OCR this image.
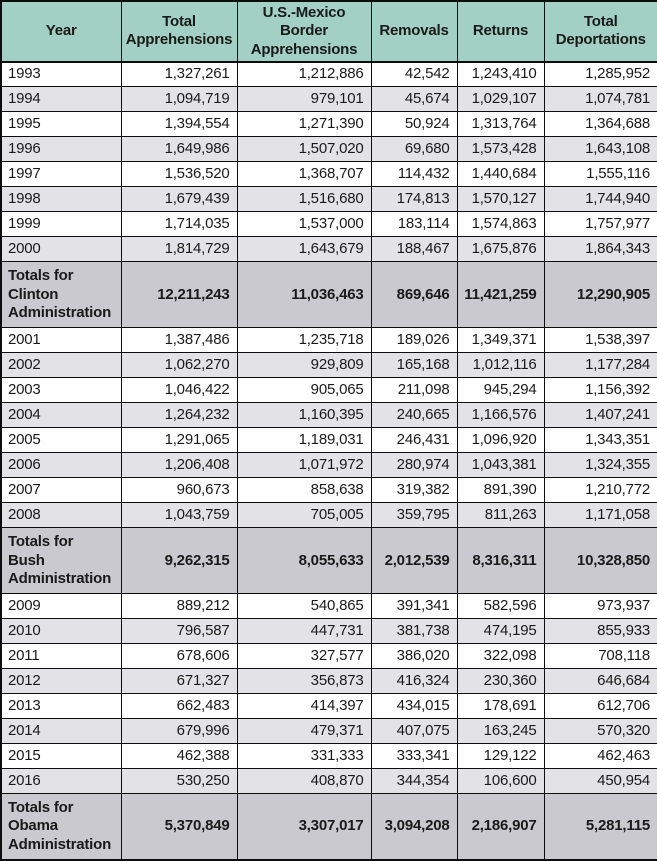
Year	Total Apprehensions	U.S.-Mexico Border Apprehensions	Removals	Returns	Total Deportations
1993	1,327,261	1,212,886	42,542	1,243,410	1,285,952
1994	1,094,719	979,101	45,674	1,029,107	1,074,781
1995	1,394,554	1,271,390	50,924	1,313,764	1,364,688
1996	1,649,986	1,507,020	69,680	1,573,428	1,643,108
1997	1,536,520	1,368,707	114,432	1,440,684	1,555,116
1998	1,679,439	1,516,680	174,813	1,570,127	1,744,940
1999	1,714,035	1,537,000	183,114	1,574,863	1,757,977
2000	1,814,729	1,643,679	188,467	1,675,876	1,864,343
Totals for Clinton Administration	12,211,243	11,036,463	869,646	11,421,259	12,290,905
2001	1,387,486	1,235,718	189,026	1,349,371	1,538,397
2002	1,062,270	929,809	165,168	1,012,116	1,177,284
2003	1,046,422	905,065	211,098	945,294	1,156,392
2004	1,264,232	1,160,395	240,665	1,166,576	1,407,241
2005	1,291,065	1,189,031	246,431	1,096,920	1,343,351
2006	1,206,408	1,071,972	280,974	1,043,381	1,324,355
2007	960,673	858,638	319,382	891,390	1,210,772
2008	1,043,759	705,005	359,795	811,263	1,171,058
Totals for Bush Administration	9,262,315	8,055,633	2,012,539	8,316,311	10,328,850
2009	889,212	540,865	391,341	582,596	973,937
2010	796,587	447,731	381,738	474,195	855,933
2011	678,606	327,577	386,020	322,098	708,118
2012	671,327	356,873	416,324	230,360	646,684
2013	662,483	414,397	434,015	178,691	612,706
2014	679,996	479,371	407,075	163,245	570,320
2015	462,388	331,333	333,341	129,122	462,463
2016	530,250	408,870	344,354	106,600	450,954
Totals for Obama Administration	5,370,849	3,307,017	3,094,208	2,186,907	5,281,115
